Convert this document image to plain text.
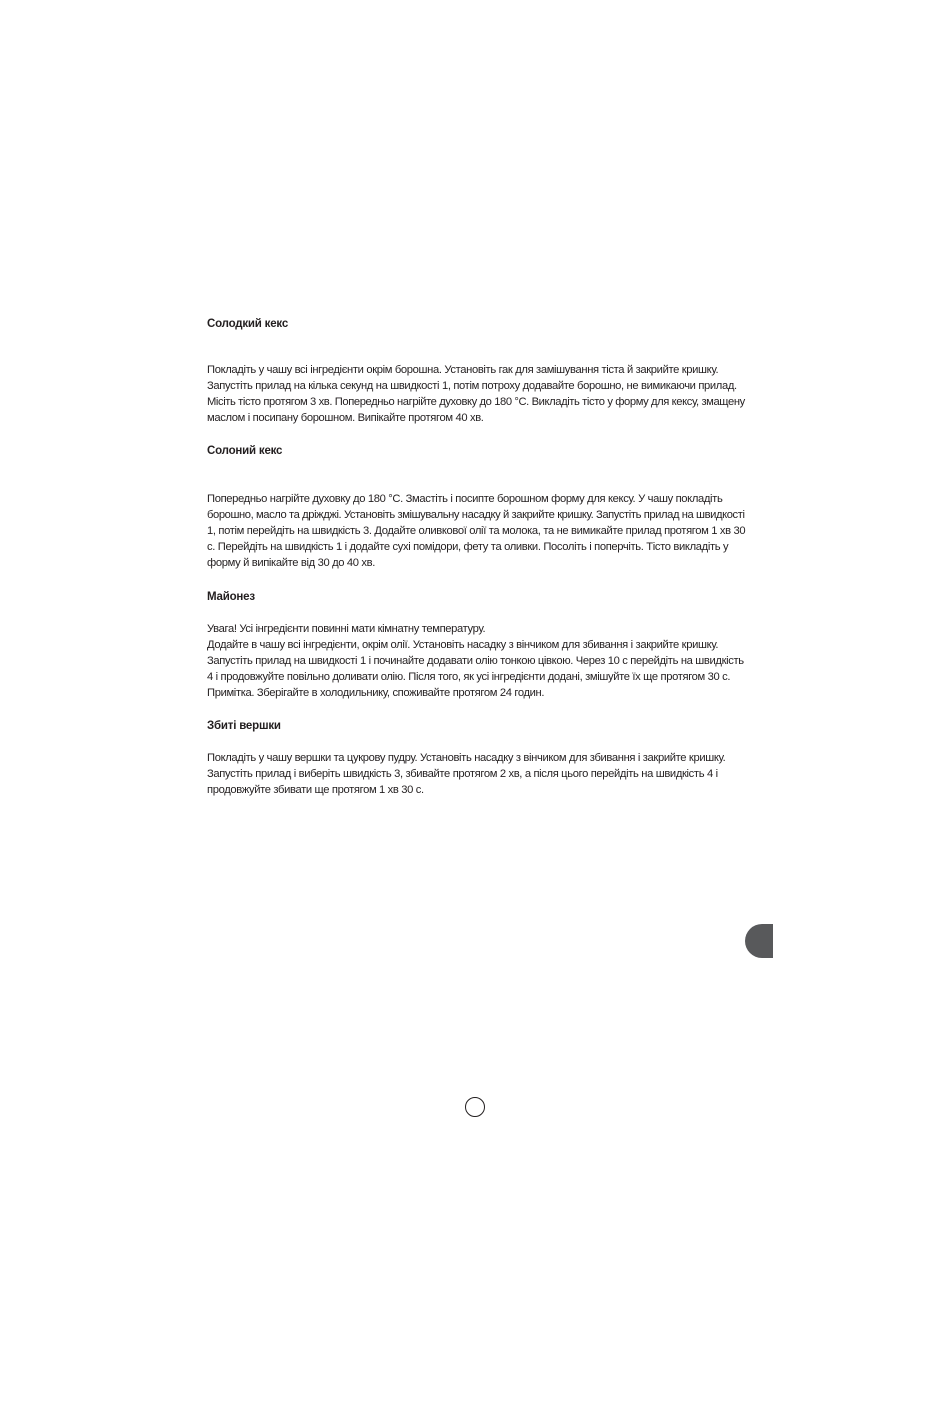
Солодкий кекс

Покладіть у чашу всі інгредієнти окрім борошна. Установіть гак для замішування тіста й закрийте кришку.
Запустіть прилад на кілька секунд на швидкості 1, потім потроху додавайте борошно, не вимикаючи прилад.
Місіть тісто протягом 3 хв. Попередньо нагрійте духовку до 180 °C. Викладіть тісто у форму для кексу, змащену
маслом і посипану борошном. Випікайте протягом 40 хв.

Солоний кекс

Попередньо нагрійте духовку до 180 °C. Змастіть і посипте борошном форму для кексу. У чашу покладіть
борошно, масло та дріжджі. Установіть змішувальну насадку й закрийте кришку. Запустіть прилад на швидкості
1, потім перейдіть на швидкість 3. Додайте оливкової олії та молока, та не вимикайте прилад протягом 1 хв 30
с. Перейдіть на швидкість 1 і додайте сухі помідори, фету та оливки. Посоліть і поперчіть. Тісто викладіть у
форму й випікайте від 30 до 40 хв.

Майонез

Увага! Усі інгредієнти повинні мати кімнатну температуру.
Додайте в чашу всі інгредієнти, окрім олії. Установіть насадку з вінчиком для збивання і закрийте кришку.
Запустіть прилад на швидкості 1 і починайте додавати олію тонкою цівкою. Через 10 с перейдіть на швидкість
4 і продовжуйте повільно доливати олію. Після того, як усі інгредієнти додані, змішуйте їх ще протягом 30 с.
Примітка. Зберігайте в холодильнику, споживайте протягом 24 годин.

Збиті вершки

Покладіть у чашу вершки та цукрову пудру. Установіть насадку з вінчиком для збивання і закрийте кришку.
Запустіть прилад і виберіть швидкість 3, збивайте протягом 2 хв, а після цього перейдіть на швидкість 4 і
продовжуйте збивати ще протягом 1 хв 30 с.
